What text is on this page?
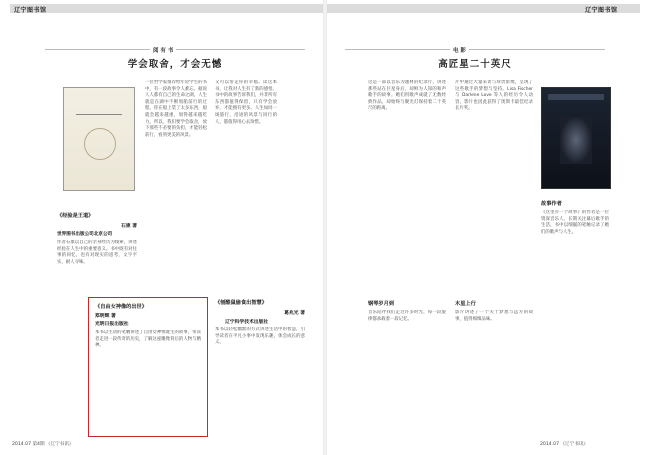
辽宁图书馆	辽宁图书馆
阅 有 书
学会取舍，才会无憾
一位哲学家推荐给年轻学生的书中，有一段故事令人难忘。据说人人都有自己的生命之湖，人生就是在湖中不断划船前行的过程。你在船上装了太多东西，船就会越来越重，划得越来越吃力。所以，我们要学会取舍，放下那些不必要的负担，才能轻松前行，看到更美的风景。
又可以带走你的幸福。读这本书，让我对人生有了新的感悟。书中的故事告诉我们，并非所有东西都值得保留，只有学会放弃，才能拥有更多。人生如同一场旅行，沿途的风景与同行的人，都值得用心去珍惜。
《经验是王道》
石康 著
世界图书出版公司北京公司
作者石康以自己的亲身经历为线索，讲述经验在人生中的重要意义。书中既有对往事的回忆，也有对现实的思考，文字平实，耐人寻味。
《自由女神像的出世》
郑明辉 著
光明日报出版社
本书以生动的笔触讲述了自由女神像诞生的故事，带读者走进一段传奇的历史，了解这座雕像背后的人物与精神。
《刨酷鼠偷食出智慧》
葛兆光 著
辽宁科学技术出版社
本书以轻松幽默的方式讲述生活中的智慧，引导读者在平凡小事中发现乐趣，体会成长的意义。
2014.07 第4期 《辽宁书讯》
电 影
高匠星二十英尺
这是一部以音乐为题材的纪录片，讲述那些站在巨星身后、却鲜为人知的和声歌手的故事。她们用歌声成就了无数经典作品，却始终与聚光灯保持着二十英尺的距离。
片中通过大量采访与珍贵影像，呈现了这些歌手的梦想与坚持。Lisa Fischer 与 Darlene Love 等人的经历令人动容，影片也因此获得了奥斯卡最佳纪录长片奖。
钢琴岁月到
音乐陪伴我们走过许多时光，每一段旋律都承载着一段记忆。
木星上行
影片讲述了一个关于梦想与远方的故事，值得细细品味。
故事作者
《这里有一个故事》的作者是一位资深音乐人，长期关注幕后歌手的生活，书中以细腻的笔触记录了她们的歌声与人生。
2014.07 《辽宁书讯》
